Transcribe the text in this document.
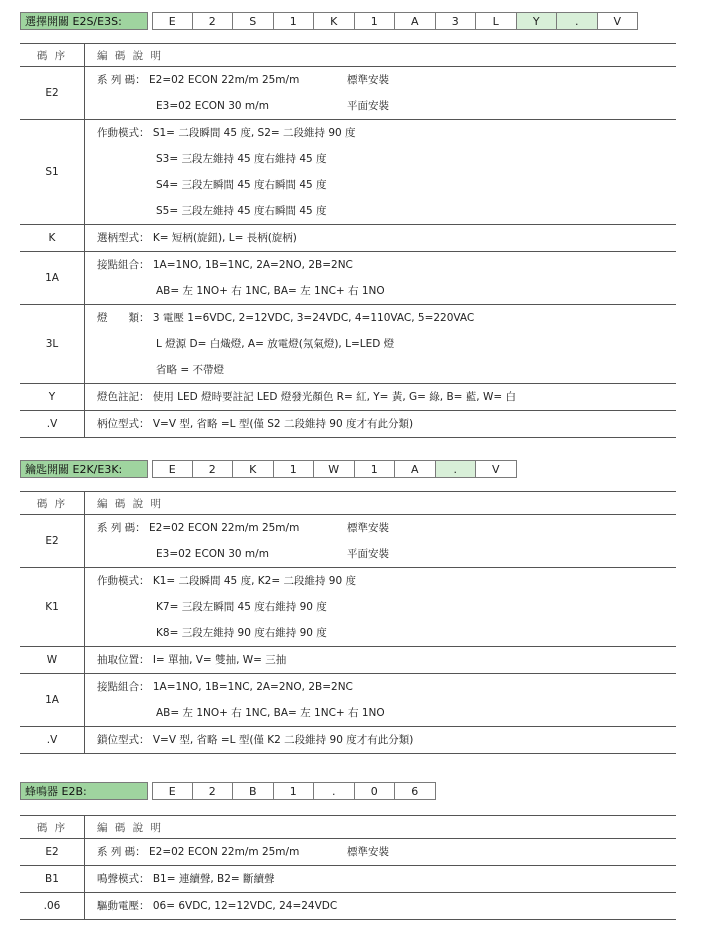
選擇開關 E2S/E3S:	E	2	S	1	K	1	A	3	L	Y	.	V
碼 序	編 碼 說 明
E2	系 列 碼： E2=02 ECON 22m/m 25m/m 標準安裝
E3=02 ECON 30 m/m 平面安裝

S1	作動模式： S1= 二段瞬間 45 度, S2= 二段維持 90 度
S3= 三段左維持 45 度右維持 45 度
S4= 三段左瞬間 45 度右瞬間 45 度
S5= 三段左維持 45 度右瞬間 45 度

K	選柄型式： K= 短柄(旋鈕), L= 長柄(旋柄)

1A	接點組合： 1A=1NO, 1B=1NC, 2A=2NO, 2B=2NC
AB= 左 1NO+ 右 1NC, BA= 左 1NC+ 右 1NO

3L	燈　　類： 3 電壓 1=6VDC, 2=12VDC, 3=24VDC, 4=110VAC, 5=220VAC
L 燈源 D= 白熾燈, A= 放電燈(氖氣燈), L=LED 燈
省略 = 不帶燈

Y	燈色註記： 使用 LED 燈時要註記 LED 燈發光顏色 R= 紅, Y= 黃, G= 綠, B= 藍, W= 白

.V	柄位型式： V=V 型, 省略 =L 型(僅 S2 二段維持 90 度才有此分類)
鑰匙開關 E2K/E3K:	E	2	K	1	W	1	A	.	V
碼 序	編 碼 說 明
E2	系 列 碼： E2=02 ECON 22m/m 25m/m 標準安裝
E3=02 ECON 30 m/m 平面安裝

K1	作動模式： K1= 二段瞬間 45 度, K2= 二段維持 90 度
K7= 三段左瞬間 45 度右維持 90 度
K8= 三段左維持 90 度右維持 90 度

W	抽取位置： I= 單抽, V= 雙抽, W= 三抽

1A	接點組合： 1A=1NO, 1B=1NC, 2A=2NO, 2B=2NC
AB= 左 1NO+ 右 1NC, BA= 左 1NC+ 右 1NO

.V	鎖位型式： V=V 型, 省略 =L 型(僅 K2 二段維持 90 度才有此分類)
蜂鳴器 E2B:	E	2	B	1	.	0	6
碼 序	編 碼 說 明
E2	系 列 碼： E2=02 ECON 22m/m 25m/m 標準安裝

B1	鳴聲模式： B1= 連續聲, B2= 斷續聲

.06	驅動電壓： 06= 6VDC, 12=12VDC, 24=24VDC
